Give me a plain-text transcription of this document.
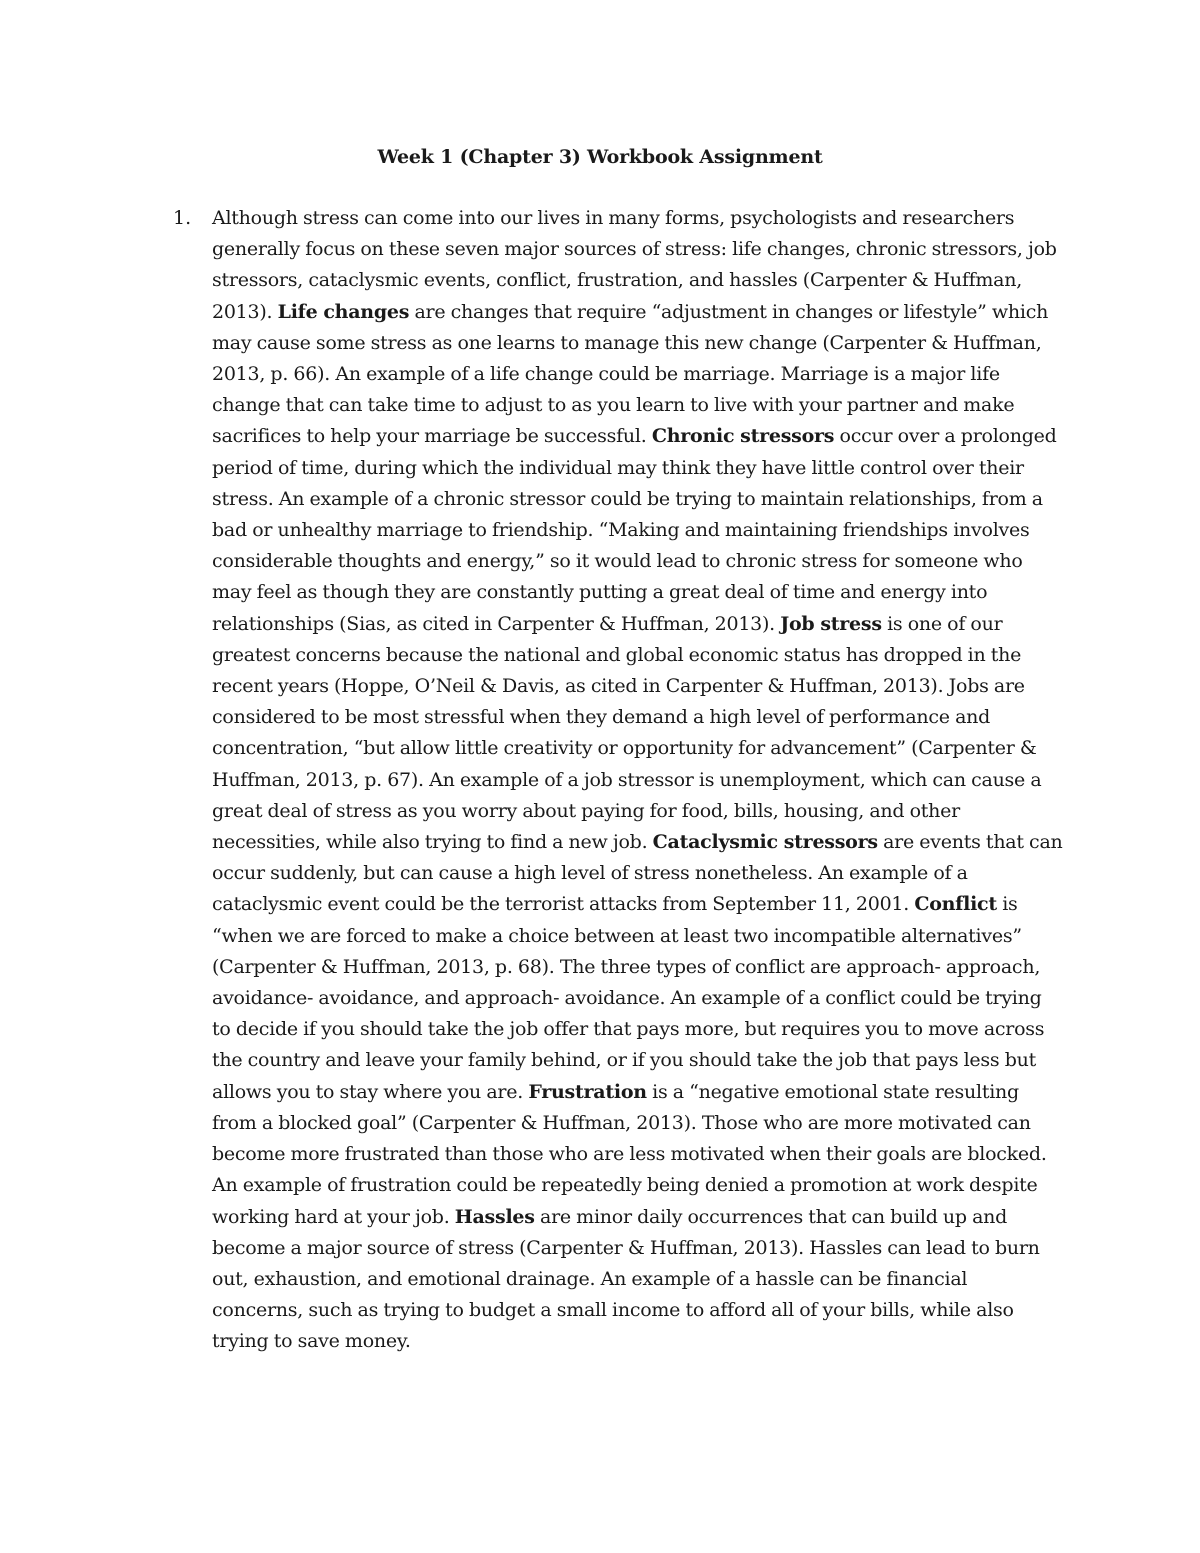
Week 1 (Chapter 3) Workbook Assignment
1. Although stress can come into our lives in many forms, psychologists and researchers
generally focus on these seven major sources of stress: life changes, chronic stressors, job
stressors, cataclysmic events, conflict, frustration, and hassles (Carpenter & Huffman,
2013). Life changes are changes that require “adjustment in changes or lifestyle” which
may cause some stress as one learns to manage this new change (Carpenter & Huffman,
2013, p. 66). An example of a life change could be marriage. Marriage is a major life
change that can take time to adjust to as you learn to live with your partner and make
sacrifices to help your marriage be successful. Chronic stressors occur over a prolonged
period of time, during which the individual may think they have little control over their
stress. An example of a chronic stressor could be trying to maintain relationships, from a
bad or unhealthy marriage to friendship. “Making and maintaining friendships involves
considerable thoughts and energy,” so it would lead to chronic stress for someone who
may feel as though they are constantly putting a great deal of time and energy into
relationships (Sias, as cited in Carpenter & Huffman, 2013). Job stress is one of our
greatest concerns because the national and global economic status has dropped in the
recent years (Hoppe, O’Neil & Davis, as cited in Carpenter & Huffman, 2013). Jobs are
considered to be most stressful when they demand a high level of performance and
concentration, “but allow little creativity or opportunity for advancement” (Carpenter &
Huffman, 2013, p. 67). An example of a job stressor is unemployment, which can cause a
great deal of stress as you worry about paying for food, bills, housing, and other
necessities, while also trying to find a new job. Cataclysmic stressors are events that can
occur suddenly, but can cause a high level of stress nonetheless. An example of a
cataclysmic event could be the terrorist attacks from September 11, 2001. Conflict is
“when we are forced to make a choice between at least two incompatible alternatives”
(Carpenter & Huffman, 2013, p. 68). The three types of conflict are approach- approach,
avoidance- avoidance, and approach- avoidance. An example of a conflict could be trying
to decide if you should take the job offer that pays more, but requires you to move across
the country and leave your family behind, or if you should take the job that pays less but
allows you to stay where you are. Frustration is a “negative emotional state resulting
from a blocked goal” (Carpenter & Huffman, 2013). Those who are more motivated can
become more frustrated than those who are less motivated when their goals are blocked.
An example of frustration could be repeatedly being denied a promotion at work despite
working hard at your job. Hassles are minor daily occurrences that can build up and
become a major source of stress (Carpenter & Huffman, 2013). Hassles can lead to burn
out, exhaustion, and emotional drainage. An example of a hassle can be financial
concerns, such as trying to budget a small income to afford all of your bills, while also
trying to save money.
